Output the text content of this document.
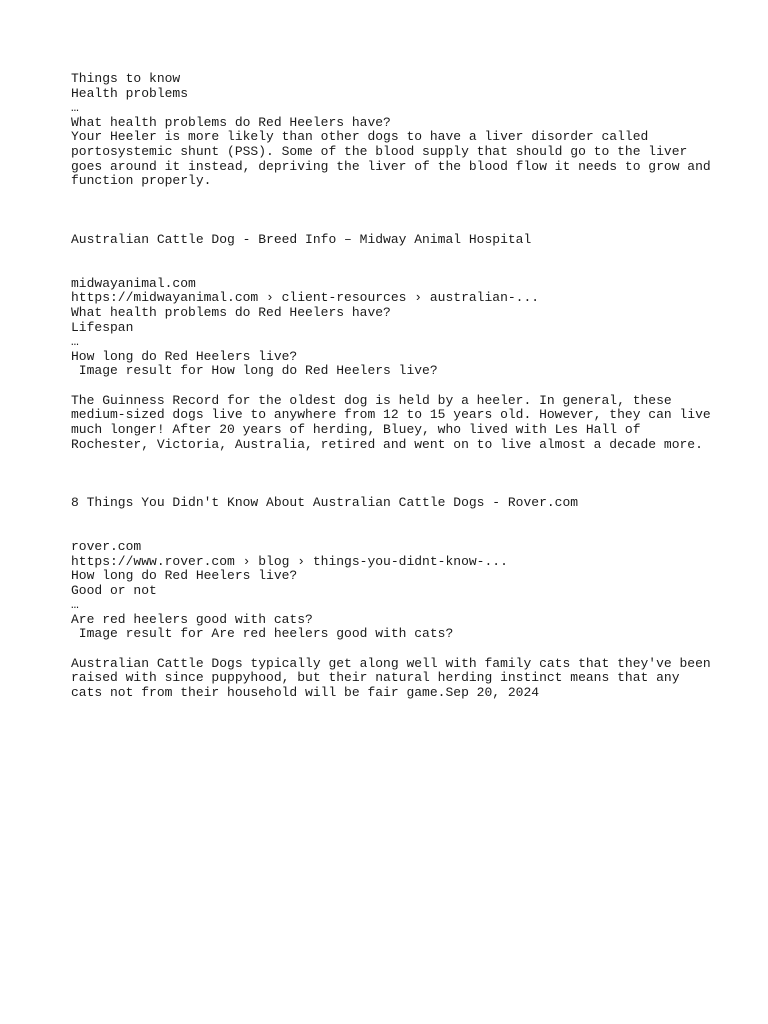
Things to know
Health problems
…
What health problems do Red Heelers have?
Your Heeler is more likely than other dogs to have a liver disorder called portosystemic shunt (PSS). Some of the blood supply that should go to the liver goes around it instead, depriving the liver of the blood flow it needs to grow and function properly.
Australian Cattle Dog - Breed Info – Midway Animal Hospital
midwayanimal.com
https://midwayanimal.com › client-resources › australian-...
What health problems do Red Heelers have?
Lifespan
…
How long do Red Heelers live?
Image result for How long do Red Heelers live?
The Guinness Record for the oldest dog is held by a heeler. In general, these medium-sized dogs live to anywhere from 12 to 15 years old. However, they can live much longer! After 20 years of herding, Bluey, who lived with Les Hall of Rochester, Victoria, Australia, retired and went on to live almost a decade more.
8 Things You Didn't Know About Australian Cattle Dogs - Rover.com
rover.com
https://www.rover.com › blog › things-you-didnt-know-...
How long do Red Heelers live?
Good or not
…
Are red heelers good with cats?
Image result for Are red heelers good with cats?
Australian Cattle Dogs typically get along well with family cats that they've been raised with since puppyhood, but their natural herding instinct means that any cats not from their household will be fair game.Sep 20, 2024
